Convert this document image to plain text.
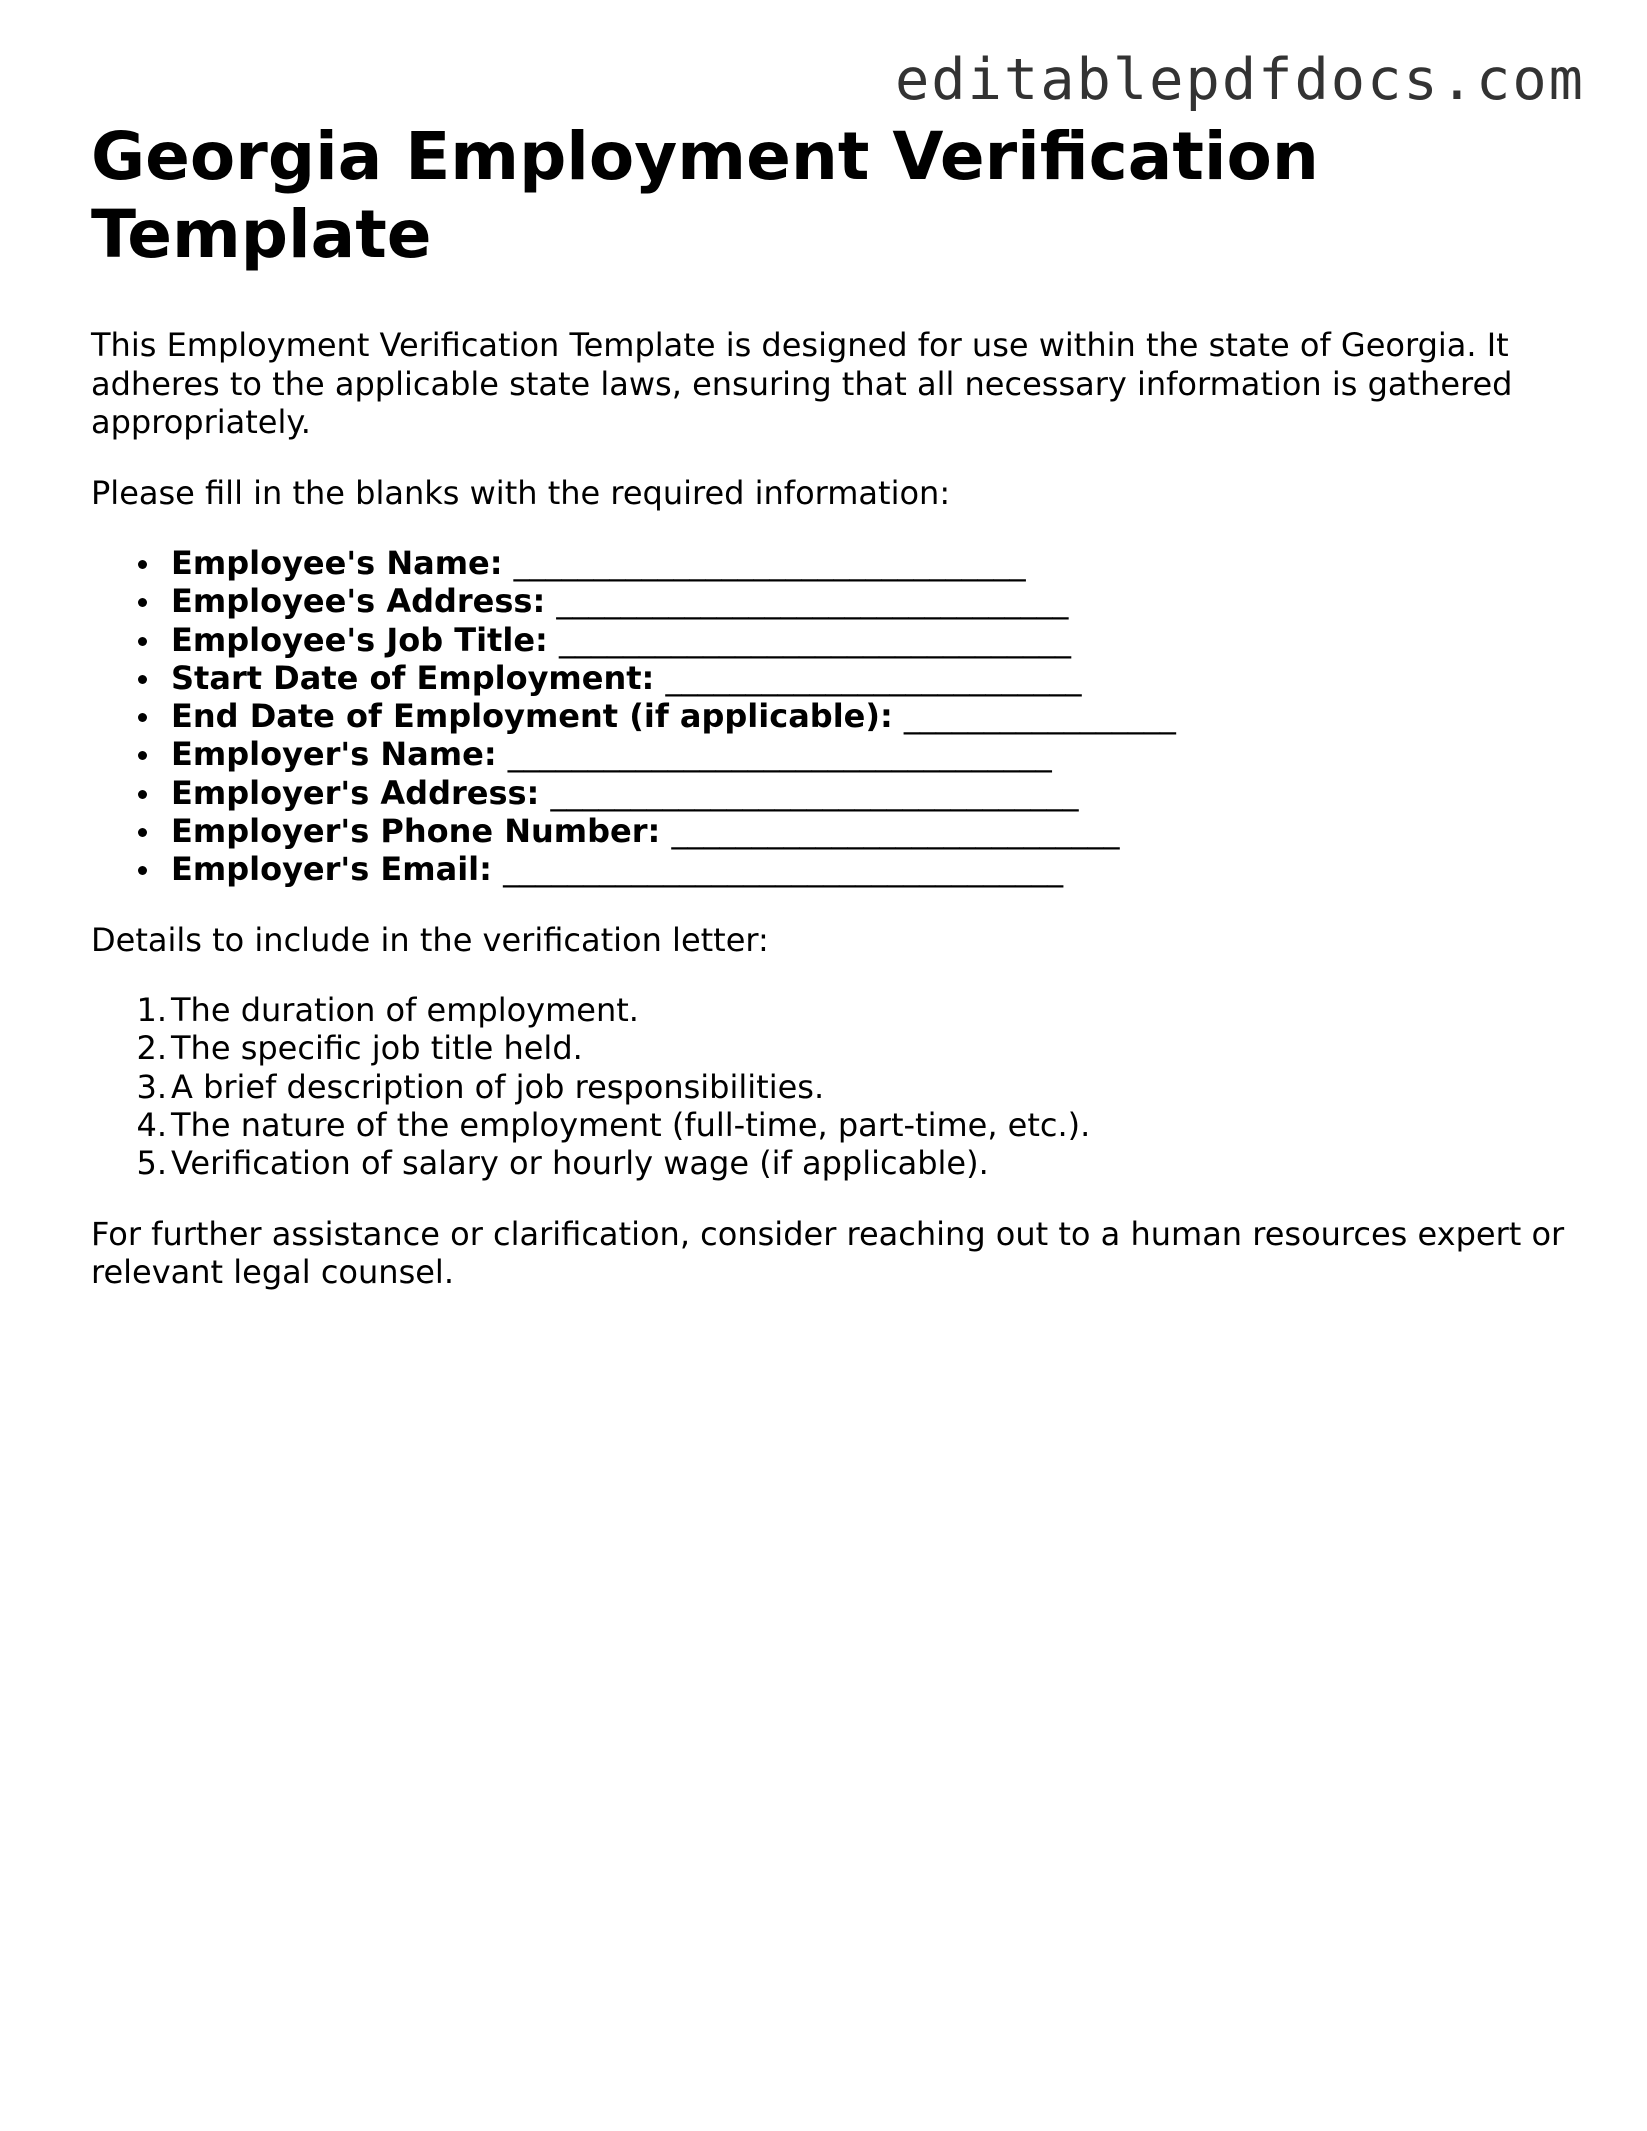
editablepdfdocs.com
Georgia Employment Verification Template

This Employment Verification Template is designed for use within the state of Georgia. It adheres to the applicable state laws, ensuring that all necessary information is gathered appropriately.

Please fill in the blanks with the required information:

Employee's Name: ________________________________
Employee's Address: ________________________________
Employee's Job Title: ________________________________
Start Date of Employment: __________________________
End Date of Employment (if applicable): _________________
Employer's Name: __________________________________
Employer's Address: _________________________________
Employer's Phone Number: ____________________________
Employer's Email: ___________________________________

Details to include in the verification letter:

1. The duration of employment.
2. The specific job title held.
3. A brief description of job responsibilities.
4. The nature of the employment (full-time, part-time, etc.).
5. Verification of salary or hourly wage (if applicable).

For further assistance or clarification, consider reaching out to a human resources expert or relevant legal counsel.
